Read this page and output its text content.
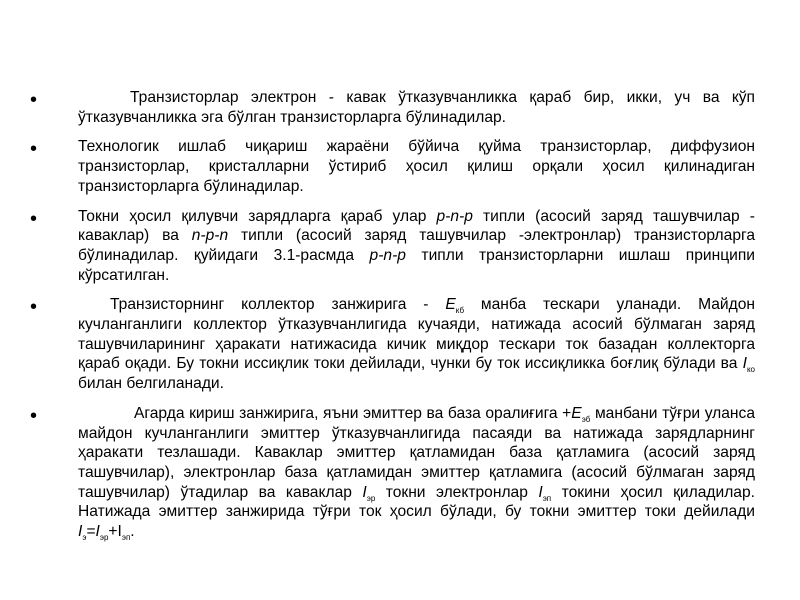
•	Транзисторлар электрон - кавак ўтказувчанликка қараб бир, икки, уч ва кўп ўтказувчанликка эга бўлган транзисторларга бўлинадилар.
•	Технологик ишлаб чиқариш жараёни бўйича қуйма транзисторлар, диффузион транзисторлар, кристалларни ўстириб ҳосил қилиш орқали ҳосил қилинадиган транзисторларга бўлинадилар.
•	Токни ҳосил қилувчи зарядларга қараб улар p-n-p типли (асосий заряд ташувчилар - каваклар) ва n-p-n типли (асосий заряд ташувчилар -электронлар) транзисторларга бўлинадилар. қуйидаги 3.1-расмда p-n-p типли транзисторларни ишлаш принципи кўрсатилган.
•	Транзисторнинг коллектор занжирига - $Е_{кб}$ манба тескари уланади. Майдон кучланганлиги коллектор ўтказувчанлигида кучаяди, натижада асосий бўлмаган заряд ташувчиларининг ҳаракати натижасида кичик миқдор тескари ток базадан коллекторга қараб оқади. Бу токни иссиқлик токи дейилади, чунки бу ток иссиқликка боғлиқ бўлади ва $I_{ко}$ билан белгиланади.
•	Агарда кириш занжирига, яъни эмиттер ва база оралиғига $+Е_{эб}$ манбани тўғри уланса майдон кучланганлиги эмиттер ўтказувчанлигида пасаяди ва натижада зарядларнинг ҳаракати тезлашади. Каваклар эмиттер қатламидан база қатламига (асосий заряд ташувчилар), электронлар база қатламидан эмиттер қатламига (асосий бўлмаган заряд ташувчилар) ўтадилар ва каваклар $I_{эр}$ токни электронлар $I_{эп}$ токини ҳосил қиладилар. Натижада эмиттер занжирида тўғри ток ҳосил бўлади, бу токни эмиттер токи дейилади $I_э=I_{эр}+I_{эп}$.
